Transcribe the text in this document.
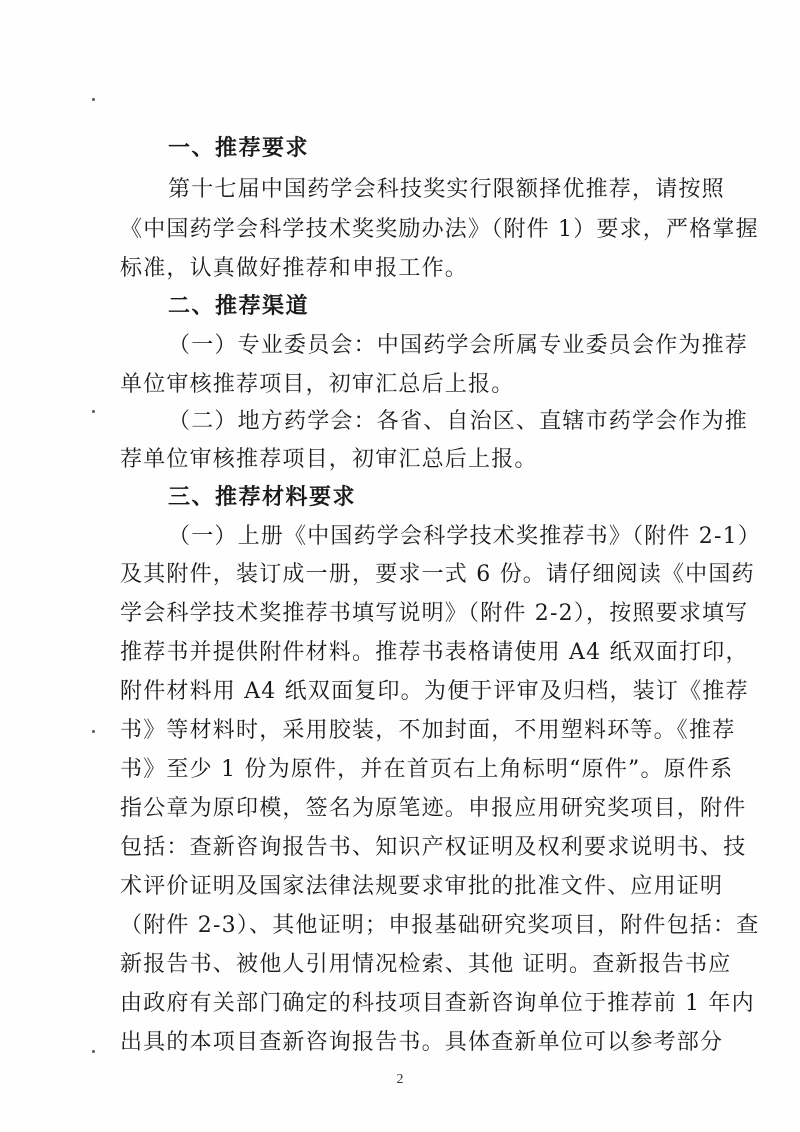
一、推荐要求
第十七届中国药学会科技奖实行限额择优推荐，请按照
《中国药学会科学技术奖奖励办法》（附件 1）要求，严格掌握
标准，认真做好推荐和申报工作。
二、推荐渠道
（一）专业委员会：中国药学会所属专业委员会作为推荐
单位审核推荐项目，初审汇总后上报。
（二）地方药学会：各省、自治区、直辖市药学会作为推
荐单位审核推荐项目，初审汇总后上报。
三、推荐材料要求
（一）上册《中国药学会科学技术奖推荐书》（附件 2-1）
及其附件，装订成一册，要求一式 6 份。请仔细阅读《中国药
学会科学技术奖推荐书填写说明》（附件 2-2），按照要求填写
推荐书并提供附件材料。推荐书表格请使用 A4 纸双面打印，
附件材料用 A4 纸双面复印。为便于评审及归档，装订《推荐
书》等材料时，采用胶装，不加封面，不用塑料环等。《推荐
书》至少 1 份为原件，并在首页右上角标明“原件”。原件系
指公章为原印模，签名为原笔迹。申报应用研究奖项目，附件
包括：查新咨询报告书、知识产权证明及权利要求说明书、技
术评价证明及国家法律法规要求审批的批准文件、应用证明
（附件 2-3）、其他证明；申报基础研究奖项目，附件包括：查
新报告书、被他人引用情况检索、其他 证明。查新报告书应
由政府有关部门确定的科技项目查新咨询单位于推荐前 1 年内
出具的本项目查新咨询报告书。具体查新单位可以参考部分
2
